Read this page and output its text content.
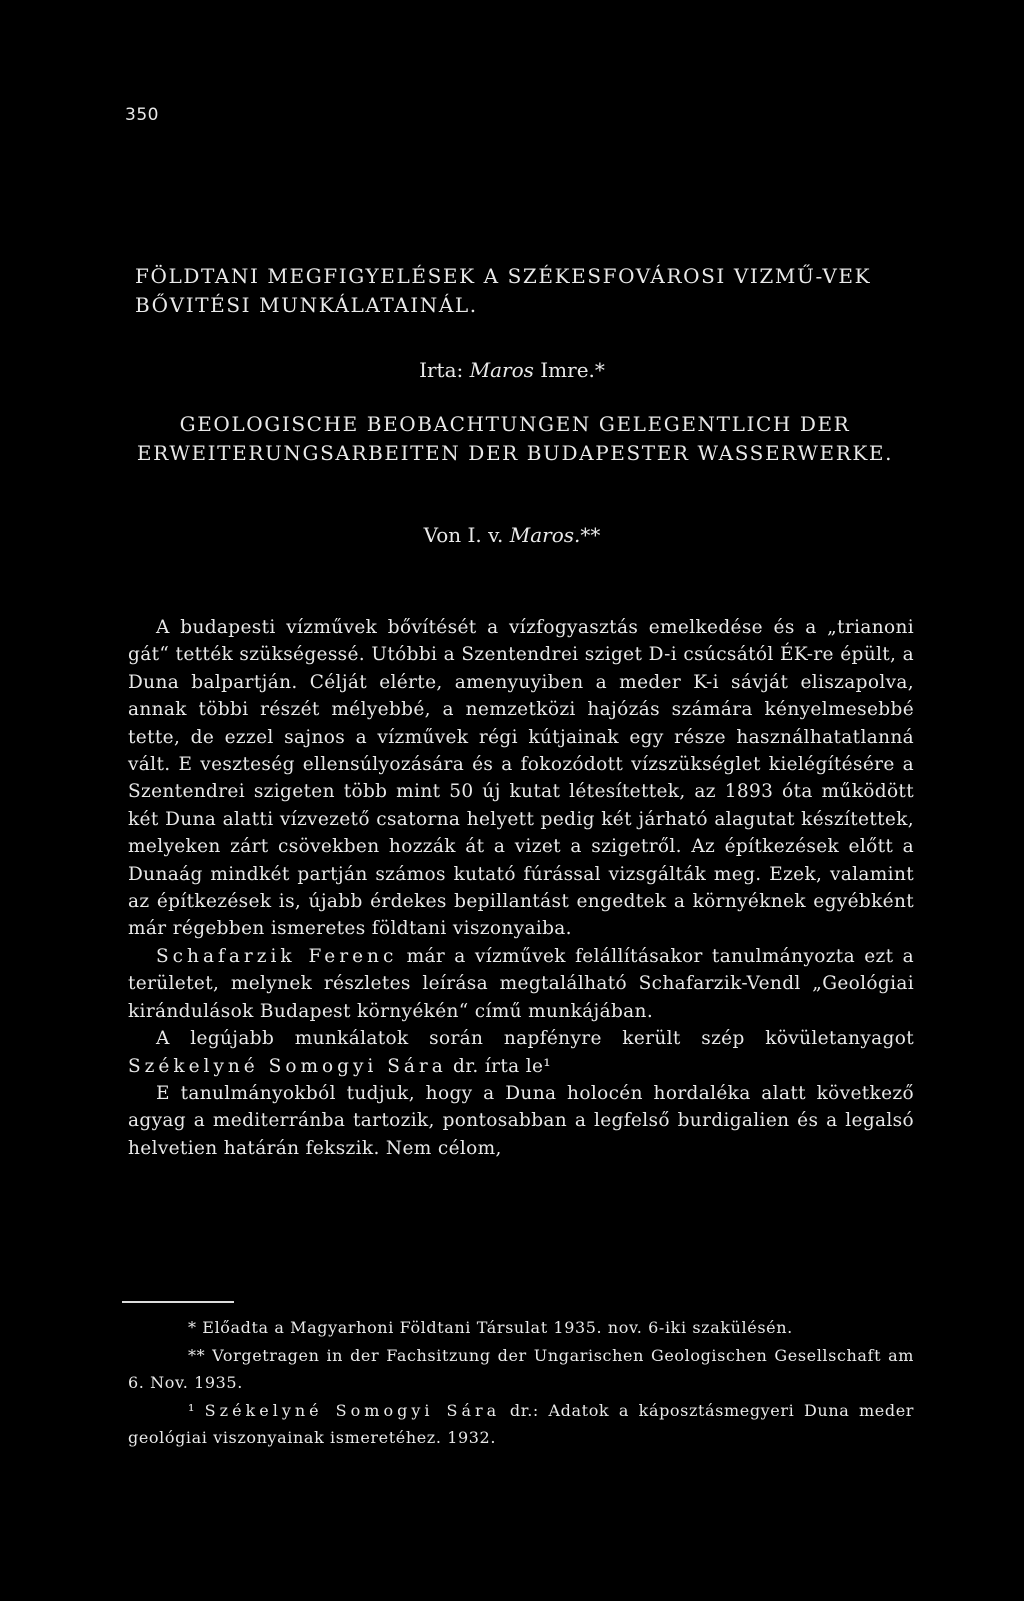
350
FÖLDTANI MEGFIGYELÉSEK A SZÉKESFOVÁROSI VIZMŰ-VEK BŐVITÉSI MUNKÁLATAINÁL.
Irta: Maros Imre.*
GEOLOGISCHE BEOBACHTUNGEN GELEGENTLICH DER ERWEITERUNGSARBEITEN DER BUDAPESTER WASSERWERKE.
Von I. v. Maros.**

A budapesti vízművek bővítését a vízfogyasztás emelkedése és a „trianoni gát“ tették szükségessé. Utóbbi a Szentendrei sziget D-i csúcsától ÉK-re épült, a Duna balpartján. Célját elérte, amenyuyiben a meder K-i sávját eliszapolva, annak többi részét mélyebbé, a nemzetközi hajózás számára kényelmesebbé tette, de ezzel sajnos a vízművek régi kútjainak egy része használhatatlanná vált. E veszteség ellensúlyozására és a fokozódott vízszükséglet kielégítésére a Szentendrei szigeten több mint 50 új kutat létesítettek, az 1893 óta működött két Duna alatti vízvezető csatorna helyett pedig két járható alagutat készítettek, melyeken zárt csövekben hozzák át a vizet a szigetről. Az építkezések előtt a Dunaág mindkét partján számos kutató fúrással vizsgálták meg. Ezek, valamint az építkezések is, újabb érdekes bepillantást engedtek a környéknek egyébként már régebben ismeretes földtani viszonyaiba.

Schafarzik Ferenc már a vízművek felállításakor tanulmányozta ezt a területet, melynek részletes leírása megtalálható Schafarzik-Vendl „Geológiai kirándulások Budapest környékén“ című munkájában.

A legújabb munkálatok során napfényre került szép kövületanyagot Székelyné Somogyi Sára dr. írta le¹

E tanulmányokból tudjuk, hogy a Duna holocén hordaléka alatt következő agyag a mediterránba tartozik, pontosabban a legfelső burdigalien és a legalsó helvetien határán fekszik. Nem célom,

* Előadta a Magyarhoni Földtani Társulat 1935. nov. 6-iki szakülésén.

** Vorgetragen in der Fachsitzung der Ungarischen Geologischen Gesellschaft am 6. Nov. 1935.

¹ Székelyné Somogyi Sára dr.: Adatok a káposztásmegyeri Duna meder geológiai viszonyainak ismeretéhez. 1932.
